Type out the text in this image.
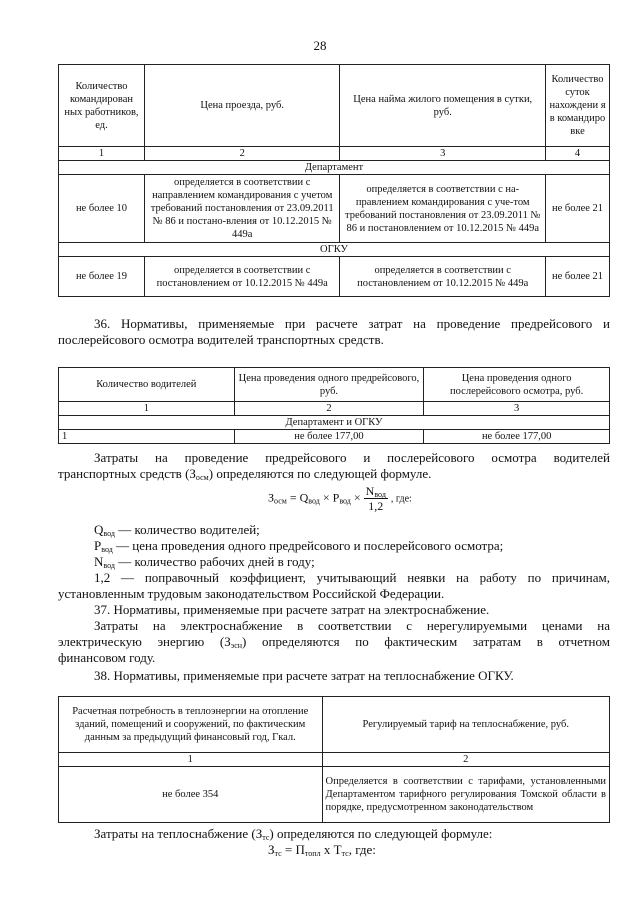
28
Количество командирован ных работников, ед.	Цена проезда, руб.	Цена найма жилого помещения в сутки, руб.	Количество суток нахождени я в командиро вке
1	2	3	4
Департамент			
не более 10	определяется в соответствии с направлением командирования с учетом требований постановления от 23.09.2011 № 86 и постано-вления от 10.12.2015 № 449а	определяется в соответствии с на-правлением командирования с уче-том требований постановления от 23.09.2011 № 86 и постановлением от 10.12.2015 № 449а	не более 21
ОГКУ			
не более 19	определяется в соответствии с постановлением от 10.12.2015 № 449а	определяется в соответствии с постановлением от 10.12.2015 № 449а	не более 21
36. Нормативы, применяемые при расчете затрат на проведение предрейсового и послерейсового осмотра водителей транспортных средств.
Количество водителей	Цена проведения одного предрейсового, руб.	Цена проведения одного послерейсового осмотра, руб.
1	2	3
Департамент и ОГКУ		
1	не более 177,00	не более 177,00
Затраты на проведение предрейсового и послерейсового осмотра водителей
транспортных средств $(З_{осм})$ определяются по следующей формуле.
$З_{осм} = Q_{вод} \times P_{вод} \times \frac{N_{вод}}{1,2}$ , где:
$Q_{вод}$ — количество водителей;
$P_{вод}$ — цена проведения одного предрейсового и послерейсового осмотра;
$N_{вод}$ — количество рабочих дней в году;
1,2 — поправочный коэффициент, учитывающий неявки на работу по причинам, установленным трудовым законодательством Российской Федерации.
37. Нормативы, применяемые при расчете затрат на электроснабжение.
Затраты на электроснабжение в соответствии с нерегулируемыми ценами на
электрическую энергию $(З_{эсн})$ определяются по фактическим затратам в отчетном
финансовом году.
38. Нормативы, применяемые при расчете затрат на теплоснабжение ОГКУ.
Расчетная потребность в теплоэнергии на отопление зданий, помещений и сооружений, по фактическим данным за предыдущий финансовый год, Гкал.	Регулируемый тариф на теплоснабжение, руб.
1	2
не более 354	Определяется в соответствии с тарифами, установленными Департаментом тарифного регулирования Томской области в порядке, предусмотренном законодательством
Затраты на теплоснабжение $(З_{тс})$ определяются по следующей формуле:
$З_{тс} = П_{топл}$ х $Т_{тс}$, где:
